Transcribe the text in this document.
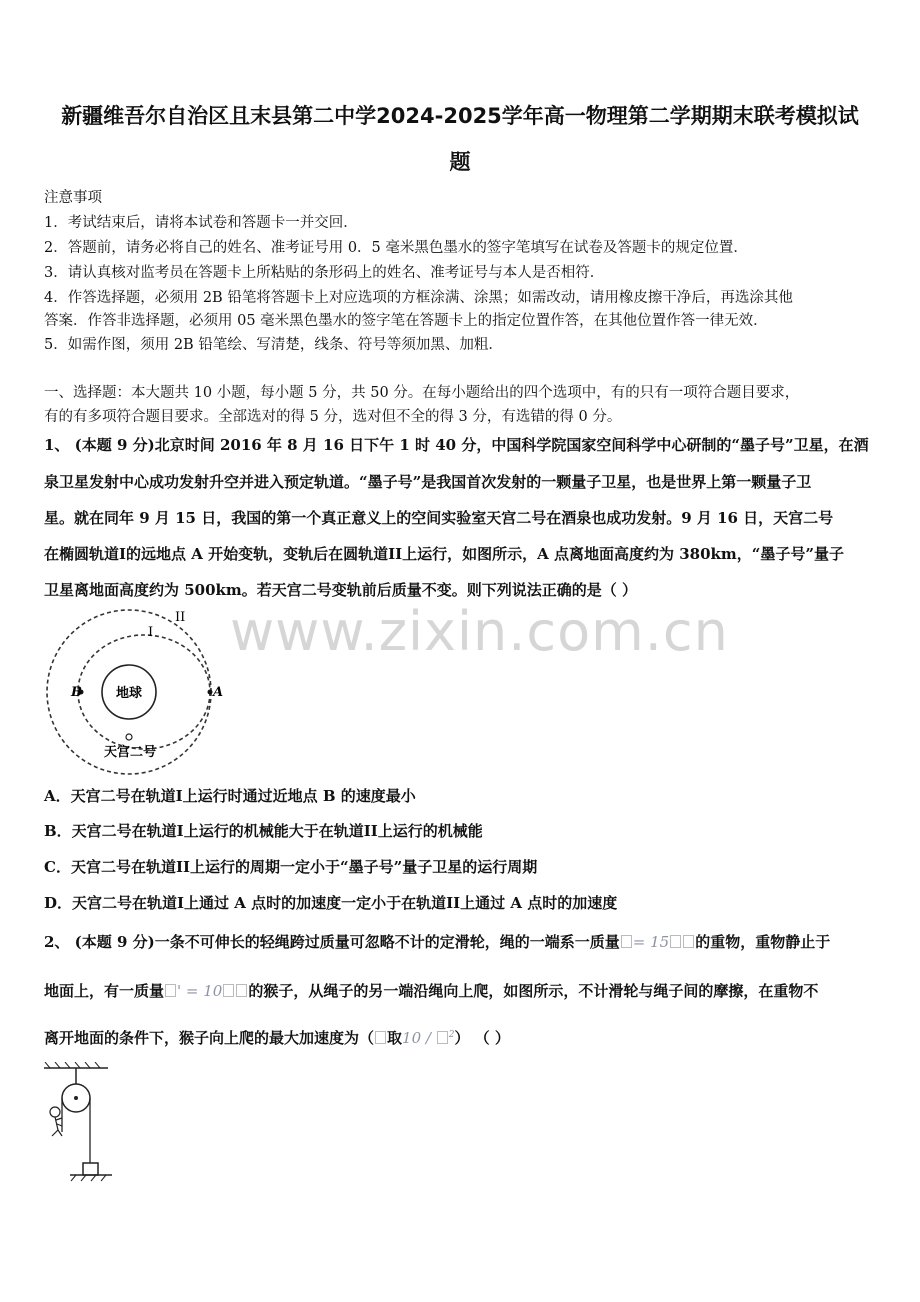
新疆维吾尔自治区且末县第二中学2024-2025学年高一物理第二学期期末联考模拟试
题
注意事项
1．考试结束后，请将本试卷和答题卡一并交回．
2．答题前，请务必将自己的姓名、准考证号用 0．5 毫米黑色墨水的签字笔填写在试卷及答题卡的规定位置．
3．请认真核对监考员在答题卡上所粘贴的条形码上的姓名、准考证号与本人是否相符．
4．作答选择题，必须用 2B 铅笔将答题卡上对应选项的方框涂满、涂黑；如需改动，请用橡皮擦干净后，再选涂其他
答案．作答非选择题，必须用 05 毫米黑色墨水的签字笔在答题卡上的指定位置作答，在其他位置作答一律无效．
5．如需作图，须用 2B 铅笔绘、写清楚，线条、符号等须加黑、加粗．
一、选择题：本大题共 10 小题，每小题 5 分，共 50 分。在每小题给出的四个选项中，有的只有一项符合题目要求，
有的有多项符合题目要求。全部选对的得 5 分，选对但不全的得 3 分，有选错的得 0 分。
1、 (本题 9 分)北京时间 2016 年 8 月 16 日下午 1 时 40 分，中国科学院国家空间科学中心研制的“墨子号”卫星，在酒
泉卫星发射中心成功发射升空并进入预定轨道。“墨子号”是我国首次发射的一颗量子卫星，也是世界上第一颗量子卫
星。就在同年 9 月 15 日，我国的第一个真正意义上的空间实验室天宫二号在酒泉也成功发射。9 月 16 日，天宫二号
在椭圆轨道I的远地点 A 开始变轨，变轨后在圆轨道II上运行，如图所示，A 点离地面高度约为 380km，“墨子号”量子
卫星离地面高度约为 500km。若天宫二号变轨前后质量不变。则下列说法正确的是（ ）
www.zixin.com.cn
地球
I
II
B	A
天宫二号
A．天宫二号在轨道I上运行时通过近地点 B 的速度最小
B．天宫二号在轨道I上运行的机械能大于在轨道II上运行的机械能
C．天宫二号在轨道II上运行的周期一定小于“墨子号”量子卫星的运行周期
D．天宫二号在轨道I上通过 A 点时的加速度一定小于在轨道II上通过 A 点时的加速度
2、 (本题 9 分)一条不可伸长的轻绳跨过质量可忽略不计的定滑轮，绳的一端系一质量 = 15 的重物，重物静止于
地面上，有一质量 ' = 10 的猴子，从绳子的另一端沿绳向上爬，如图所示，不计滑轮与绳子间的摩擦，在重物不
离开地面的条件下，猴子向上爬的最大加速度为（ 取10 / $^2$） （ ）
